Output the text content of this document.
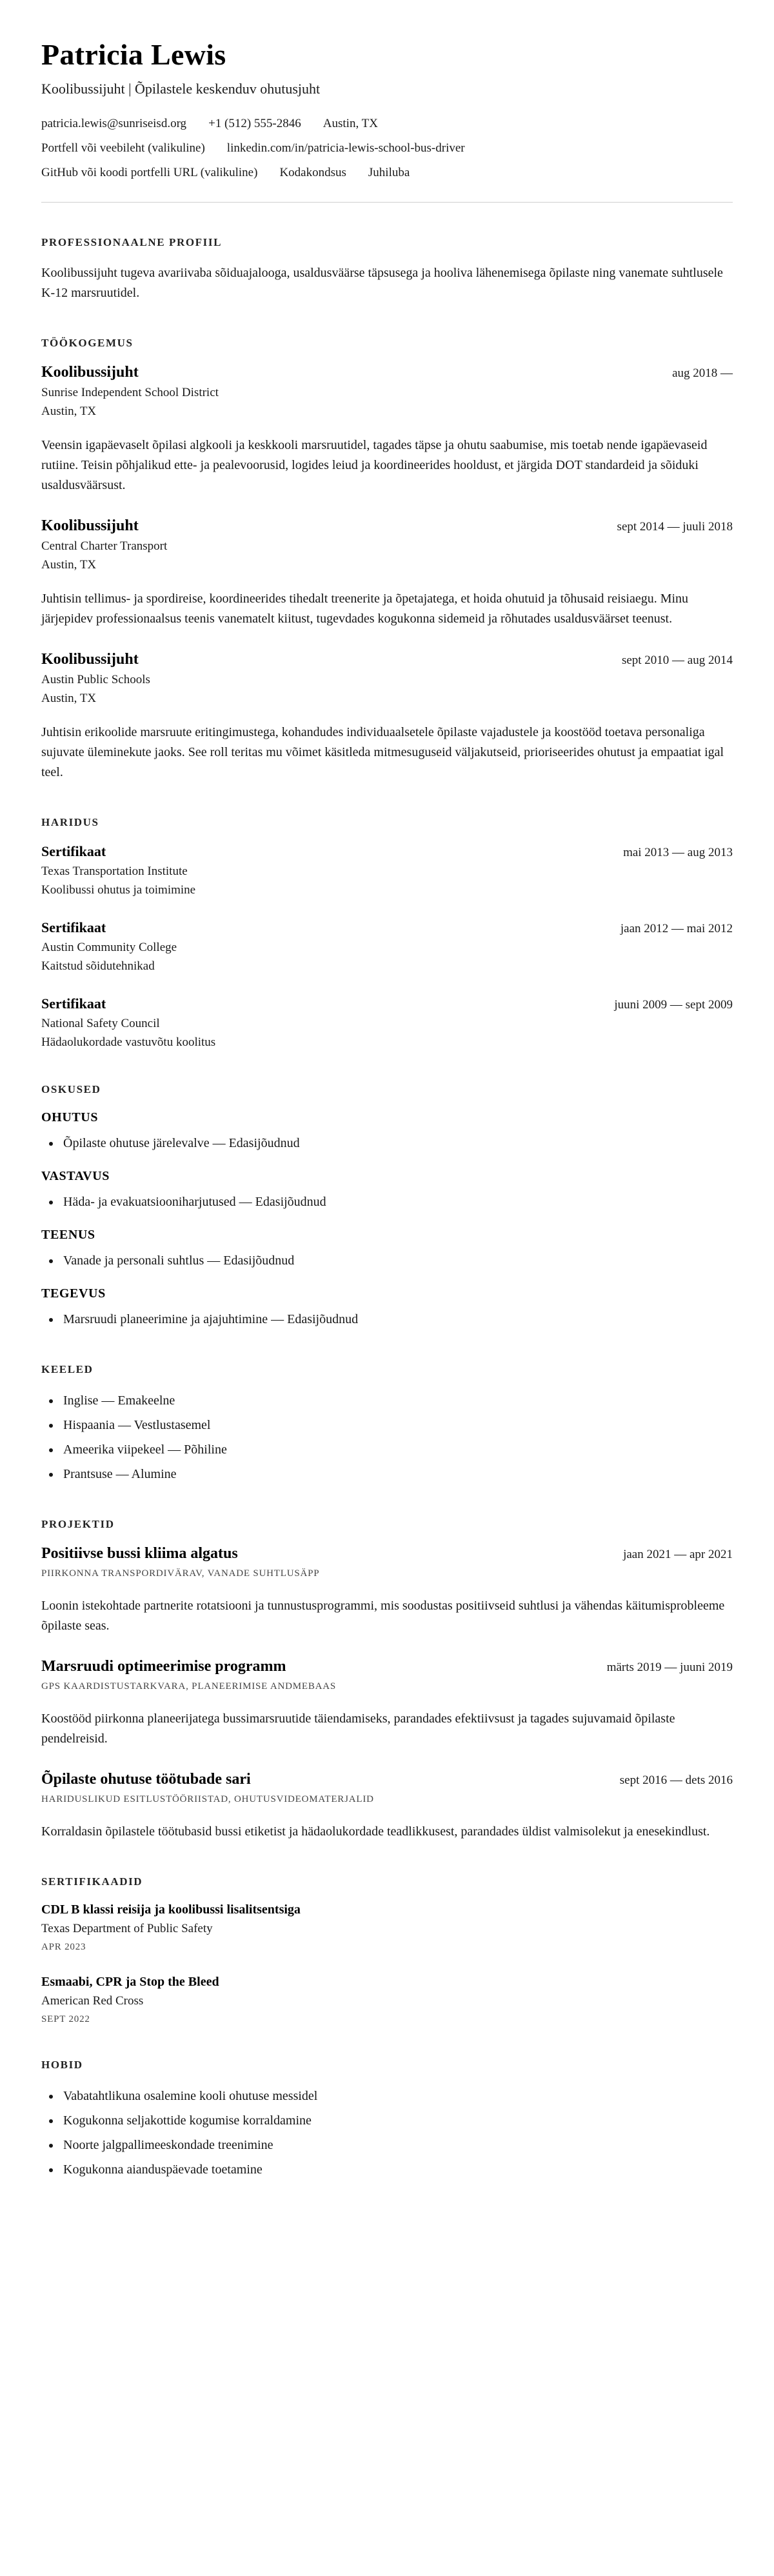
Patricia Lewis

Koolibussijuht | Õpilastele keskenduv ohutusjuht

patricia.lewis@sunriseisd.org +1 (512) 555-2846 Austin, TX
Portfell või veebileht (valikuline) linkedin.com/in/patricia-lewis-school-bus-driver
GitHub või koodi portfelli URL (valikuline) Kodakondsus Juhiluba
PROFESSIONAALNE PROFIIL

Koolibussijuht tugeva avariivaba sõiduajalooga, usaldusväärse täpsusega ja hooliva lähenemisega õpilaste ning vanemate suhtlusele K-12 marsruutidel.

TÖÖKOGEMUS
Koolibussijuht	aug 2018 —
Sunrise Independent School District
Austin, TX

Veensin igapäevaselt õpilasi algkooli ja keskkooli marsruutidel, tagades täpse ja ohutu saabumise, mis toetab nende igapäevaseid rutiine. Teisin põhjalikud ette- ja pealevoorusid, logides leiud ja koordineerides hooldust, et järgida DOT standardeid ja sõiduki usaldusväärsust.

Koolibussijuht	sept 2014 — juuli 2018
Central Charter Transport
Austin, TX

Juhtisin tellimus- ja spordireise, koordineerides tihedalt treenerite ja õpetajatega, et hoida ohutuid ja tõhusaid reisiaegu. Minu järjepidev professionaalsus teenis vanematelt kiitust, tugevdades kogukonna sidemeid ja rõhutades usaldusväärset teenust.

Koolibussijuht	sept 2010 — aug 2014
Austin Public Schools
Austin, TX

Juhtisin erikoolide marsruute eritingimustega, kohandudes individuaalsetele õpilaste vajadustele ja koostööd toetava personaliga sujuvate üleminekute jaoks. See roll teritas mu võimet käsitleda mitmesuguseid väljakutseid, prioriseerides ohutust ja empaatiat igal teel.

HARIDUS
Sertifikaat	mai 2013 — aug 2013
Texas Transportation Institute
Koolibussi ohutus ja toimimine
Sertifikaat	jaan 2012 — mai 2012
Austin Community College
Kaitstud sõidutehnikad
Sertifikaat	juuni 2009 — sept 2009
National Safety Council
Hädaolukordade vastuvõtu koolitus
OSKUSED
OHUTUS
• Õpilaste ohutuse järelevalve — Edasijõudnud
VASTAVUS
• Häda- ja evakuatsiooniharjutused — Edasijõudnud
TEENUS
• Vanade ja personali suhtlus — Edasijõudnud
TEGEVUS
• Marsruudi planeerimine ja ajajuhtimine — Edasijõudnud
KEELED
• Inglise — Emakeelne
• Hispaania — Vestlustasemel
• Ameerika viipekeel — Põhiline
• Prantsuse — Alumine
PROJEKTID
Positiivse bussi kliima algatus	jaan 2021 — apr 2021
PIIRKONNA TRANSPORDIVÄRAV, VANADE SUHTLUSÄPP

Loonin istekohtade partnerite rotatsiooni ja tunnustusprogrammi, mis soodustas positiivseid suhtlusi ja vähendas käitumisprobleeme õpilaste seas.

Marsruudi optimeerimise programm	märts 2019 — juuni 2019
GPS KAARDISTUSTARKVARA, PLANEERIMISE ANDMEBAAS

Koostööd piirkonna planeerijatega bussimarsruutide täiendamiseks, parandades efektiivsust ja tagades sujuvamaid õpilaste pendelreisid.

Õpilaste ohutuse töötubade sari	sept 2016 — dets 2016
HARIDUSLIKUD ESITLUSTÖÖRIISTAD, OHUTUSVIDEOMATERJALID

Korraldasin õpilastele töötubasid bussi etiketist ja hädaolukordade teadlikkusest, parandades üldist valmisolekut ja enesekindlust.

SERTIFIKAADID
CDL B klassi reisija ja koolibussi lisalitsentsiga
Texas Department of Public Safety
APR 2023
Esmaabi, CPR ja Stop the Bleed
American Red Cross
SEPT 2022
HOBID
• Vabatahtlikuna osalemine kooli ohutuse messidel
• Kogukonna seljakottide kogumise korraldamine
• Noorte jalgpallimeeskondade treenimine
• Kogukonna aianduspäevade toetamine
